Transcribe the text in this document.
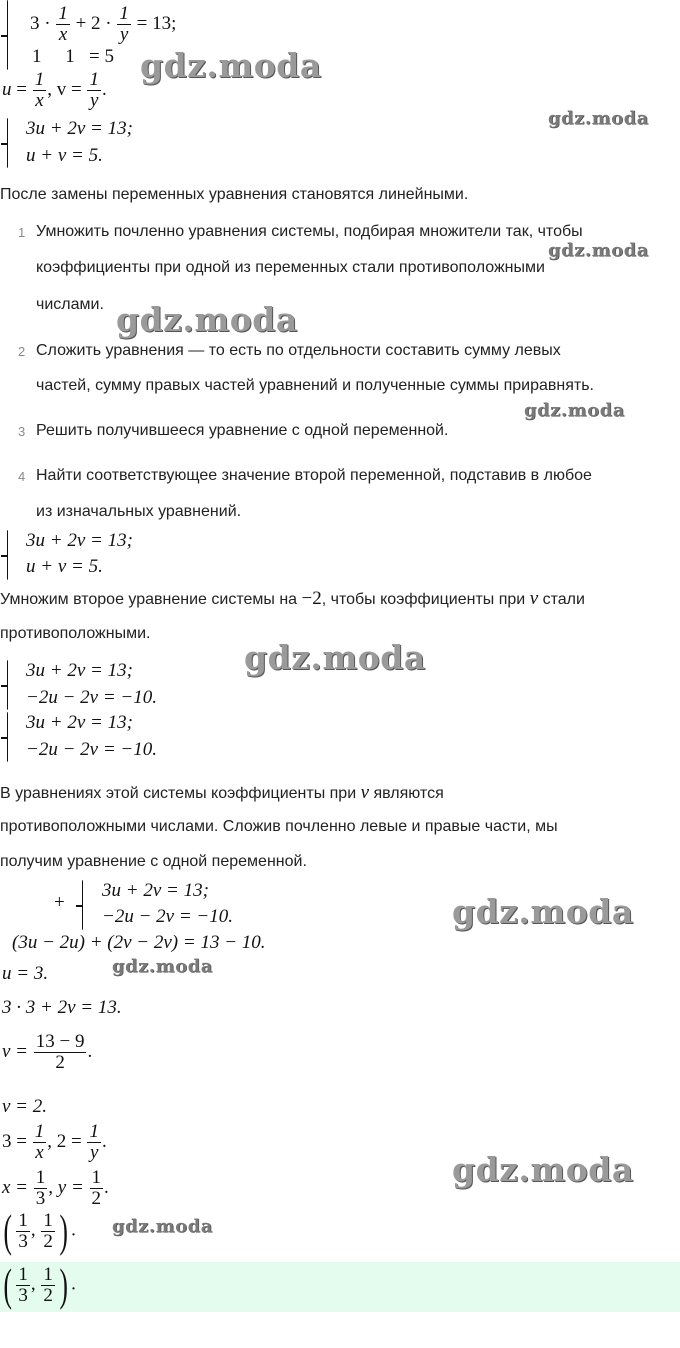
$3 \cdot \frac{1}{x} + 2 \cdot \frac{1}{y} = 13$;
1 1 = 5
$u = \frac{1}{x}$ , $v = \frac{1}{y}$ .
3u + 2v = 13;
u + v = 5.
После замены переменных уравнения становятся линейными.
1 Умножить почленно уравнения системы, подбирая множители так, чтобы
коэффициенты при одной из переменных стали противоположными
числами.
2 Сложить уравнения — то есть по отдельности составить сумму левых
частей, сумму правых частей уравнений и полученные суммы приравнять.
3 Решить получившееся уравнение с одной переменной.
4 Найти соответствующее значение второй переменной, подставив в любое
из изначальных уравнений.
3u + 2v = 13;
u + v = 5.
Умножим второе уравнение системы на −2, чтобы коэффициенты при v стали
противоположными.
3u + 2v = 13;
−2u − 2v = −10.
3u + 2v = 13;
−2u − 2v = −10.
В уравнениях этой системы коэффициенты при v являются
противоположными числами. Сложив почленно левые и правые части, мы
получим уравнение с одной переменной.
+
3u + 2v = 13;
−2u − 2v = −10.
(3u − 2u) + (2v − 2v) = 13 − 10.
u = 3.
3 · 3 + 2v = 13.
$v = \frac{13 - 9}{2}$ .
v = 2.
$3 = \frac{1}{x}$ , $2 = \frac{1}{y}$ .
$x = \frac{1}{3}$ , $y = \frac{1}{2}$ .
( $\frac{1}{3}$ , $\frac{1}{2}$ ) .
( $\frac{1}{3}$ , $\frac{1}{2}$ ) .
gdz.moda
gdz.moda
gdz.moda
gdz.moda
gdz.moda
gdz.moda
gdz.moda
gdz.moda
gdz.moda
gdz.moda
